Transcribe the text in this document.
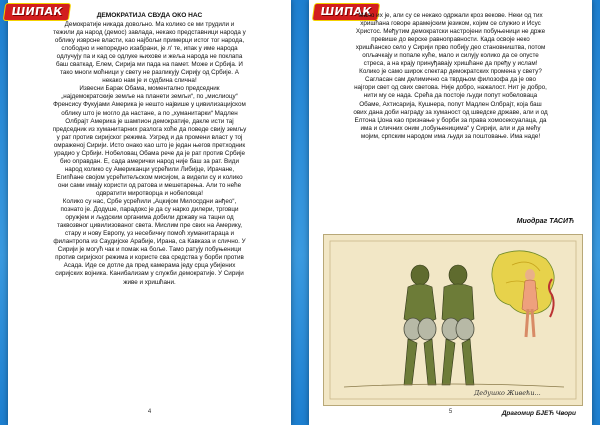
ШИПАК	ДЕМОКРАТИЈА СВУДА ОКО НАС
Демократије никада довољно. Ма колико се ми трудили и
тежили да народ (демос) завлада, некако представници народа у
облику изврсне власти, као најбољи примерци истог тог народа,
слободно и непоредно изабрани, је л' те, ипак у име народа
одлучују па и кад се одлуке њихове и жеља народа не поклапа
баш сваткад. Елем, Сирија ми пада на памет. Може и Србија. И
тако многи моћници у свету не разликују Сирију од Србије. А
некако нам је и судбина слична!
Извесни Барак Обама, моментално председник
„најдемократскије земље на планети земљи“, по „мислиоцу“
Френсису Фукујами Америка је нешто највише у цивилизацијском
облику што је могло да настане, а по „хуманитарки“ Мадлен
Олбрајт Америка је шампион демократије, дакле исти тај
председник из хуманитарних разлога хоће да поведе свију земљу
у рат против сиријског режима. Узгред и да промени власт у тој
омраженој Сирији. Исто онако као што је један његов претходник
урадио у Србији. Нобеловац Обама рече да је рат против Србије
био оправдан. Е, сада амерички народ није баш за рат. Види
народ колико су Американци усрећили Либијце, Ирачане,
Египћане својом усрећитељском мисијом, а видели су и колико
они сами имају користи од ратова и мешетарења. Али то неће
одвратити миротворца и нобеловца!
Колико су нас, Србе усрећили „Ацкијом Милосрдни анђео“,
познато је. Додуше, парадокс је да су нарко дилери, трговци
оружјем и људским органима добили државу на тацни од
таквозвног цивилизованог света. Мислим пре свих на Америку,
стару и нову Европу, уз несебичну помоћ хуманитараца и
филантропа из Саудијске Арабије, Ирана, са Кавказа и слично. У
Сирији је могућ чак и помак на боље. Тамо ратују побуњеници
против сиријског режима и користе сва средства у борби против
Асада. Иде се дотле да пред камерама једу срца убијених
сиријских војника. Канибализам у служби демократије. У Сирији
живе и хришћани.
4
ШИПАК
Мало их је, али су се некако одржали кроз векове. Неки од тих
хришћана говоре арамејским језиком, којим се служио и Исус
Христос. Међутим демократски настројени побуњеници не држе
превише до верске равноправности. Када освоје неко
хришћанско село у Сирији прво побију део становништва, потом
опљачкају и попале куће, мало и силују колико да се опусте
стреса, а на крају принуђавају хришћане да пређу у ислам!
Колико је само широк спектар демократских промена у свету?
Сагласан сам делимично са тврдњом филозофа да је ово
најгори свет од свих светова. Није добро, нажалост. Нит је добро,
нити му се нада. Срећа да постоје људи попут нобеловаца
Обаме, Ахтисарија, Кушнера, попут Мадлен Олбрајт, која баш
ових дана доби награду за хуманост од шведске државе, али и од
Елтона Џона као признање у борби за права хомосексуалаца, да
има и сличних оним „побуњеницима“ у Сирији, али и да мећу
мојим, српским народом има људи за поштовање. Има наде!
Миодраг ТАСИЋ
Дедушко Живећи...
Драгомир БЈЕЋ Чвори
5
